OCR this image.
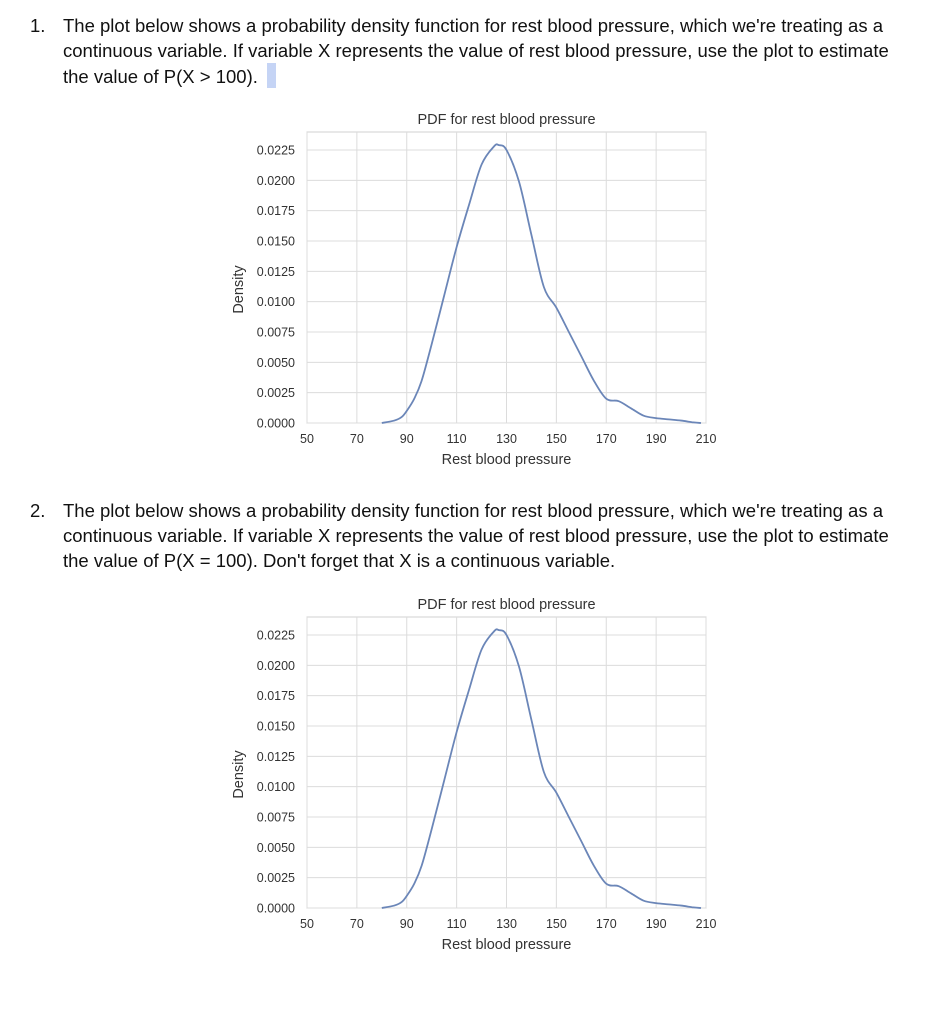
1. The plot below shows a probability density function for rest blood pressure, which we're treating as a continuous variable. If variable X represents the value of rest blood pressure, use the plot to estimate the value of P(X > 100).
50	70	90	110 130 150 170 190 210
0.0000
0.0025
0.0050
0.0075
0.0100
0.0125
0.0150
0.0175
0.0200
0.0225
PDF for rest blood pressure
Rest blood pressure
Density
2. The plot below shows a probability density function for rest blood pressure, which we're treating as a continuous variable. If variable X represents the value of rest blood pressure, use the plot to estimate the value of P(X = 100). Don't forget that X is a continuous variable.
50	70	90	110 130 150 170 190 210
0.0000
0.0025
0.0050
0.0075
0.0100
0.0125
0.0150
0.0175
0.0200
0.0225
PDF for rest blood pressure
Rest blood pressure
Density
